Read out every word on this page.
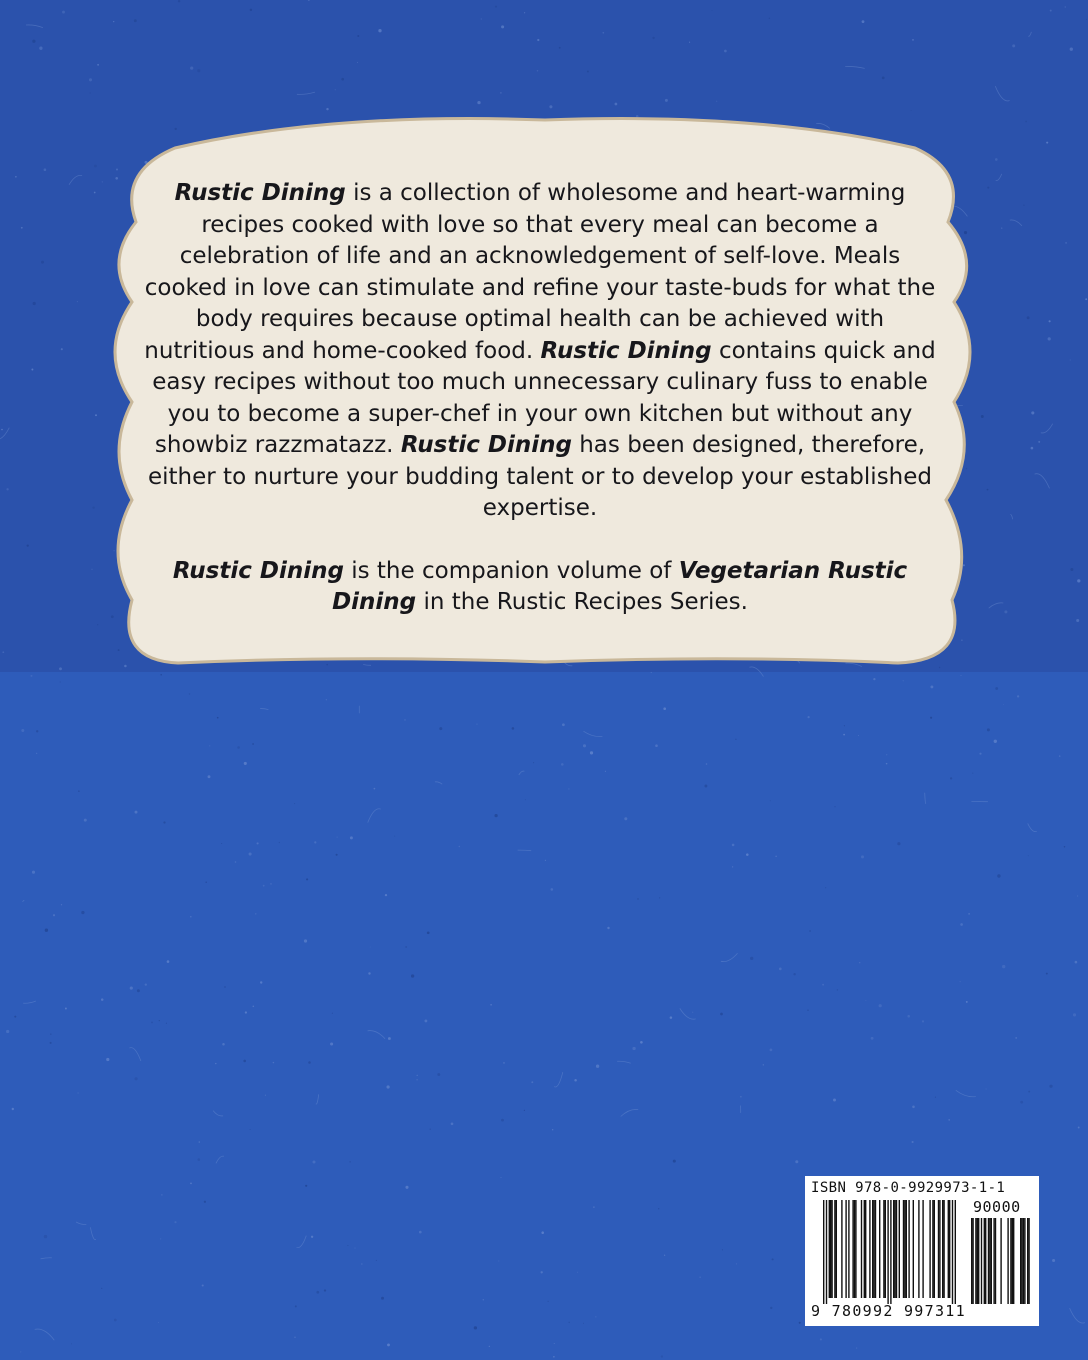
Rustic Dining is a collection of wholesome and heart-warming recipes cooked with love so that every meal can become a celebration of life and an acknowledgement of self-love. Meals cooked in love can stimulate and refine your taste-buds for what the body requires because optimal health can be achieved with nutritious and home-cooked food. Rustic Dining contains quick and easy recipes without too much unnecessary culinary fuss to enable you to become a super-chef in your own kitchen but without any showbiz razzmatazz. Rustic Dining has been designed, therefore, either to nurture your budding talent or to develop your established expertise.

Rustic Dining is the companion volume of Vegetarian Rustic Dining in the Rustic Recipes Series.

ISBN 978-0-9929973-1-1
90000
9 780992 997311
